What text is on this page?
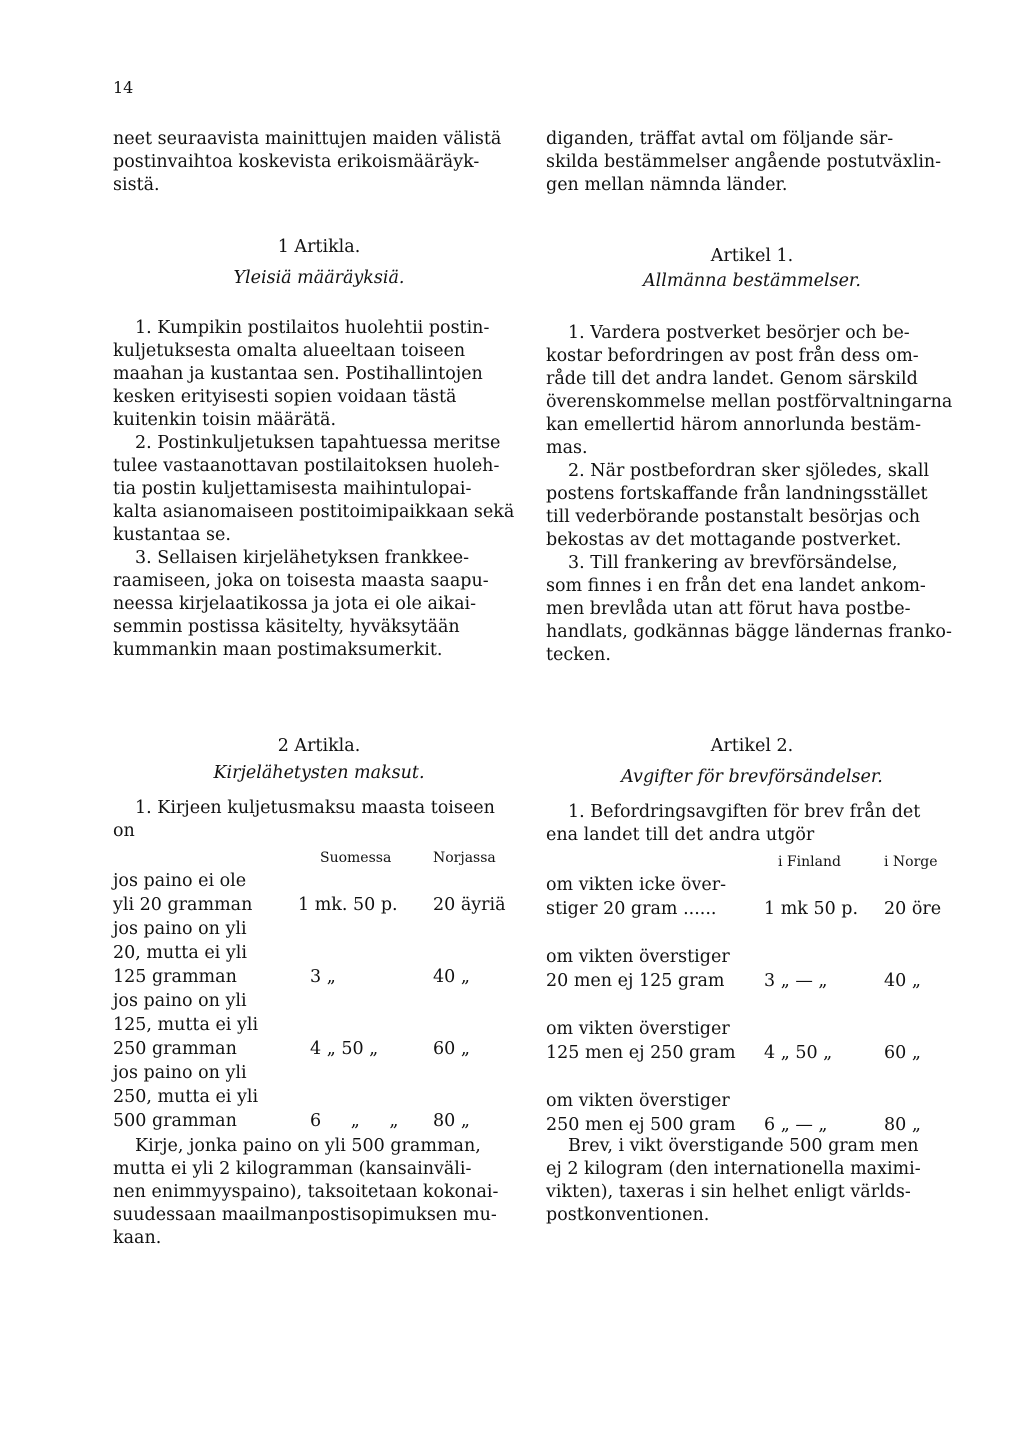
14

neet seuraavista mainittujen maiden välistä

postinvaihtoa koskevista erikoismääräyk-

sistä.

1 Artikla.
Yleisiä määräyksiä.

1. Kumpikin postilaitos huolehtii postin-

kuljetuksesta omalta alueeltaan toiseen

maahan ja kustantaa sen. Postihallintojen

kesken erityisesti sopien voidaan tästä

kuitenkin toisin määrätä.

2. Postinkuljetuksen tapahtuessa meritse

tulee vastaanottavan postilaitoksen huoleh-

tia postin kuljettamisesta maihintulopai-

kalta asianomaiseen postitoimipaikkaan sekä

kustantaa se.

3. Sellaisen kirjelähetyksen frankkee-

raamiseen, joka on toisesta maasta saapu-

neessa kirjelaatikossa ja jota ei ole aikai-

semmin postissa käsitelty, hyväksytään

kummankin maan postimaksumerkit.

2 Artikla.
Kirjelähetysten maksut.

1. Kirjeen kuljetusmaksu maasta toiseen

on

	Suomessa	Norjassa
jos paino ei ole		
yli 20 gramman	1 mk. 50 p.	20 äyriä
jos paino on yli		
20, mutta ei yli		
125 gramman	3 „	40 „
jos paino on yli		
125, mutta ei yli		
250 gramman	4 „ 50 „	60 „
jos paino on yli		
250, mutta ei yli		
500 gramman	6 „ „	80 „

Kirje, jonka paino on yli 500 gramman,

mutta ei yli 2 kilogramman (kansainväli-

nen enimmyyspaino), taksoitetaan kokonai-

suudessaan maailmanpostisopimuksen mu-

kaan.

diganden, träffat avtal om följande sär-

skilda bestämmelser angående postutväxlin-

gen mellan nämnda länder.

Artikel 1.
Allmänna bestämmelser.

1. Vardera postverket besörjer och be-

kostar befordringen av post från dess om-

råde till det andra landet. Genom särskild

överenskommelse mellan postförvaltningarna

kan emellertid härom annorlunda bestäm-

mas.

2. När postbefordran sker sjöledes, skall

postens fortskaffande från landningsstället

till vederbörande postanstalt besörjas och

bekostas av det mottagande postverket.

3. Till frankering av brevförsändelse,

som finnes i en från det ena landet ankom-

men brevlåda utan att förut hava postbe-

handlats, godkännas bägge ländernas franko-

tecken.

Artikel 2.
Avgifter för brevförsändelser.

1. Befordringsavgiften för brev från det

ena landet till det andra utgör

	i Finland	i Norge
om vikten icke över-		
stiger 20 gram ......	1 mk 50 p.	20 öre

om vikten överstiger		
20 men ej 125 gram	3 „ — „	40 „

om vikten överstiger		
125 men ej 250 gram	4 „ 50 „	60 „

om vikten överstiger		
250 men ej 500 gram	6 „ — „	80 „

Brev, i vikt överstigande 500 gram men

ej 2 kilogram (den internationella maximi-

vikten), taxeras i sin helhet enligt världs-

postkonventionen.
